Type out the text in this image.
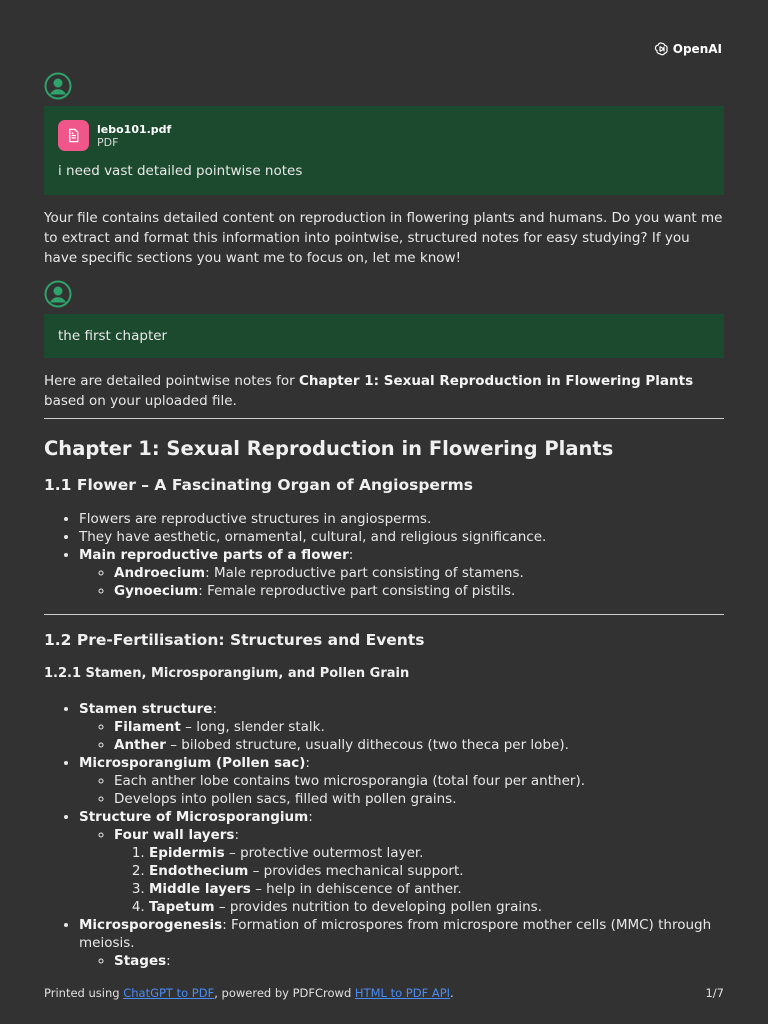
OpenAI
lebo101.pdf
PDF
i need vast detailed pointwise notes

Your file contains detailed content on reproduction in flowering plants and humans. Do you want me to extract and format this information into pointwise, structured notes for easy studying? If you have specific sections you want me to focus on, let me know!

the first chapter

Here are detailed pointwise notes for Chapter 1: Sexual Reproduction in Flowering Plants based on your uploaded file.

Chapter 1: Sexual Reproduction in Flowering Plants
1.1 Flower – A Fascinating Organ of Angiosperms
• Flowers are reproductive structures in angiosperms.
• They have aesthetic, ornamental, cultural, and religious significance.
• Main reproductive parts of a flower:
◦ Androecium: Male reproductive part consisting of stamens.
◦ Gynoecium: Female reproductive part consisting of pistils.
1.2 Pre-Fertilisation: Structures and Events
1.2.1 Stamen, Microsporangium, and Pollen Grain
• Stamen structure:
◦ Filament – long, slender stalk.
◦ Anther – bilobed structure, usually dithecous (two theca per lobe).
• Microsporangium (Pollen sac):
◦ Each anther lobe contains two microsporangia (total four per anther).
◦ Develops into pollen sacs, filled with pollen grains.
• Structure of Microsporangium:
◦ Four wall layers:
1. Epidermis – protective outermost layer.
2. Endothecium – provides mechanical support.
3. Middle layers – help in dehiscence of anther.
4. Tapetum – provides nutrition to developing pollen grains.
• Microsporogenesis: Formation of microspores from microspore mother cells (MMC) through meiosis.
◦ Stages:
Printed using ChatGPT to PDF, powered by PDFCrowd HTML to PDF API.	1/7
